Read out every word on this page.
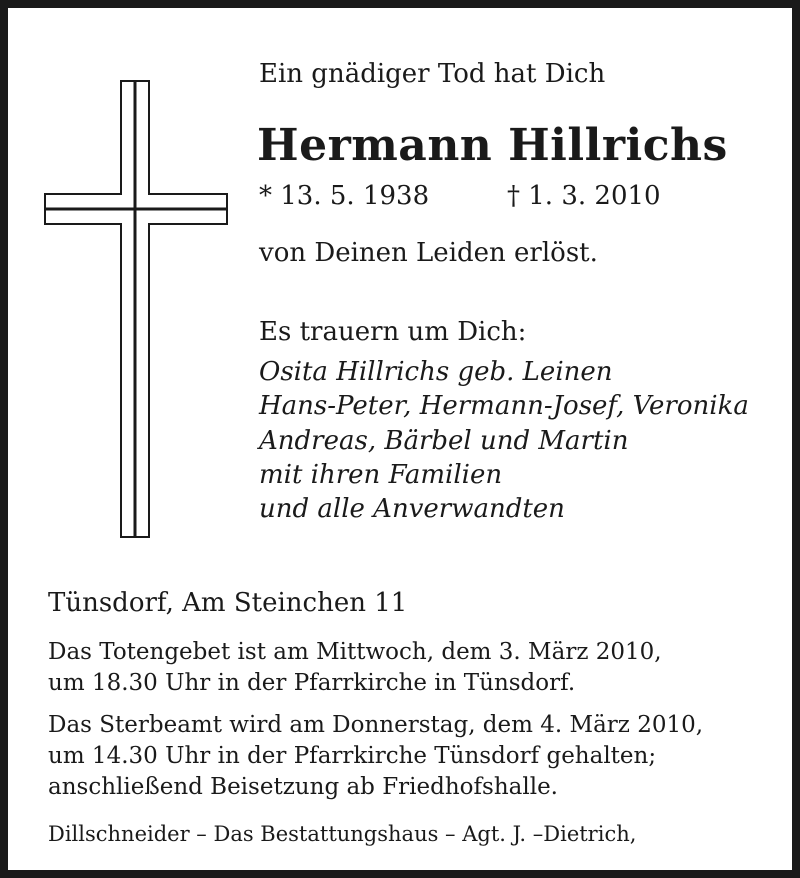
Ein gnädiger Tod hat Dich
Hermann Hillrichs
* 13. 5. 1938	† 1. 3. 2010
von Deinen Leiden erlöst.
Es trauern um Dich:
Osita Hillrichs geb. Leinen
Hans-Peter, Hermann-Josef, Veronika
Andreas, Bärbel und Martin
mit ihren Familien
und alle Anverwandten
Tünsdorf, Am Steinchen 11
Das Totengebet ist am Mittwoch, dem 3. März 2010,
um 18.30 Uhr in der Pfarrkirche in Tünsdorf.
Das Sterbeamt wird am Donnerstag, dem 4. März 2010,
um 14.30 Uhr in der Pfarrkirche Tünsdorf gehalten;
anschließend Beisetzung ab Friedhofshalle.
Dillschneider – Das Bestattungshaus – Agt. J. –Dietrich,
